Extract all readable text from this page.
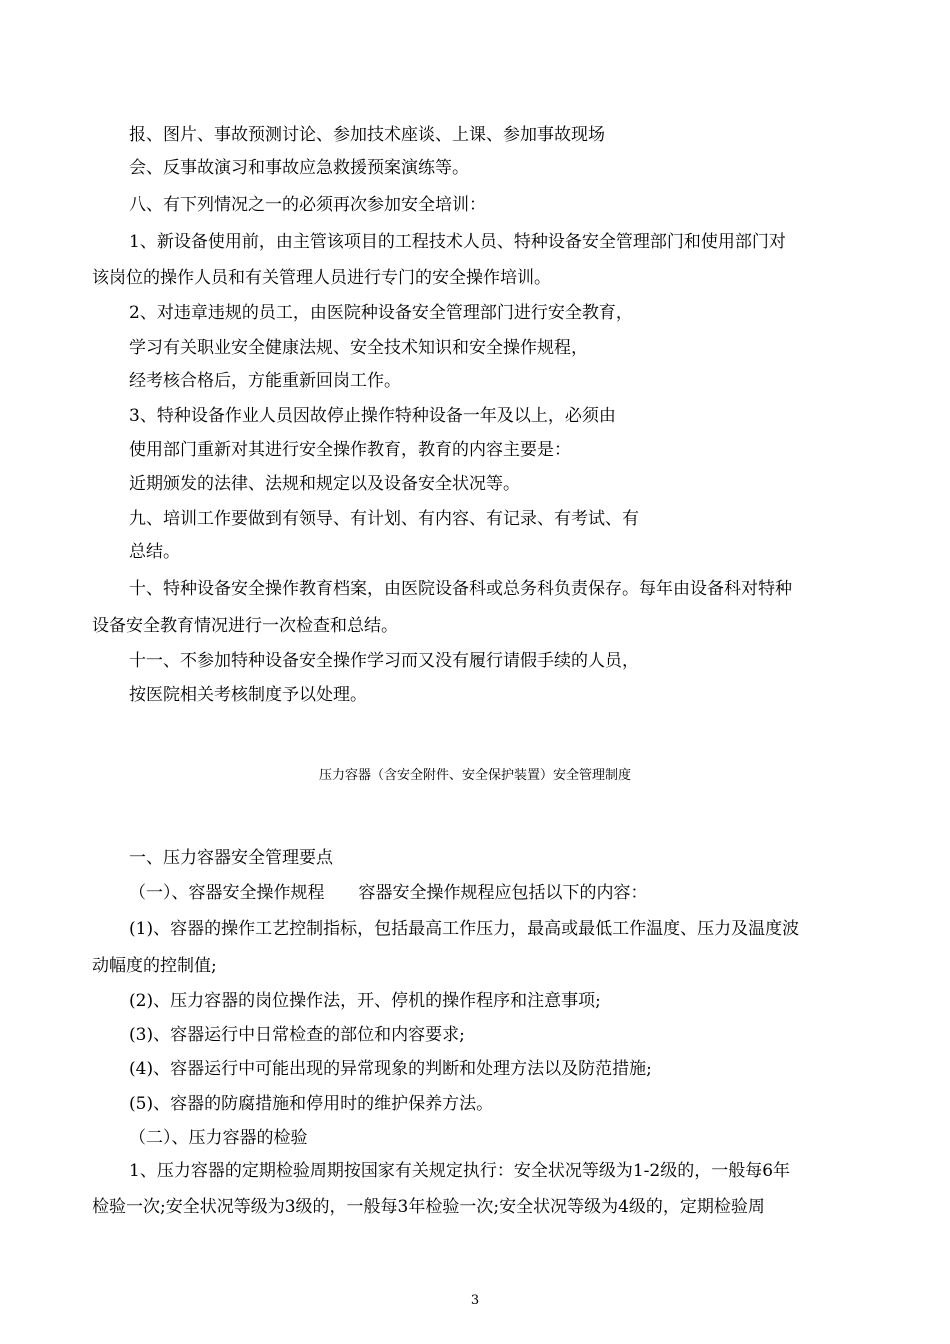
报、图片、事故预测讨论、参加技术座谈、上课、参加事故现场
会、反事故演习和事故应急救援预案演练等。
八、有下列情况之一的必须再次参加安全培训：
1、新设备使用前，由主管该项目的工程技术人员、特种设备安全管理部门和使用部门对
该岗位的操作人员和有关管理人员进行专门的安全操作培训。
2、对违章违规的员工，由医院种设备安全管理部门进行安全教育，
学习有关职业安全健康法规、安全技术知识和安全操作规程，
经考核合格后，方能重新回岗工作。
3、特种设备作业人员因故停止操作特种设备一年及以上，必须由
使用部门重新对其进行安全操作教育，教育的内容主要是：
近期颁发的法律、法规和规定以及设备安全状况等。
九、培训工作要做到有领导、有计划、有内容、有记录、有考试、有
总结。
十、特种设备安全操作教育档案，由医院设备科或总务科负责保存。每年由设备科对特种
设备安全教育情况进行一次检查和总结。
十一、不参加特种设备安全操作学习而又没有履行请假手续的人员，
按医院相关考核制度予以处理。
压力容器（含安全附件、安全保护装置）安全管理制度
一、压力容器安全管理要点
（一）、容器安全操作规程　　容器安全操作规程应包括以下的内容：
(1)、容器的操作工艺控制指标，包括最高工作压力，最高或最低工作温度、压力及温度波
动幅度的控制值;
(2)、压力容器的岗位操作法，开、停机的操作程序和注意事项;
(3)、容器运行中日常检查的部位和内容要求;
(4)、容器运行中可能出现的异常现象的判断和处理方法以及防范措施;
(5)、容器的防腐措施和停用时的维护保养方法。
（二）、压力容器的检验
1、压力容器的定期检验周期按国家有关规定执行：安全状况等级为1-2级的，一般每6年
检验一次;安全状况等级为3级的，一般每3年检验一次;安全状况等级为4级的，定期检验周
3
